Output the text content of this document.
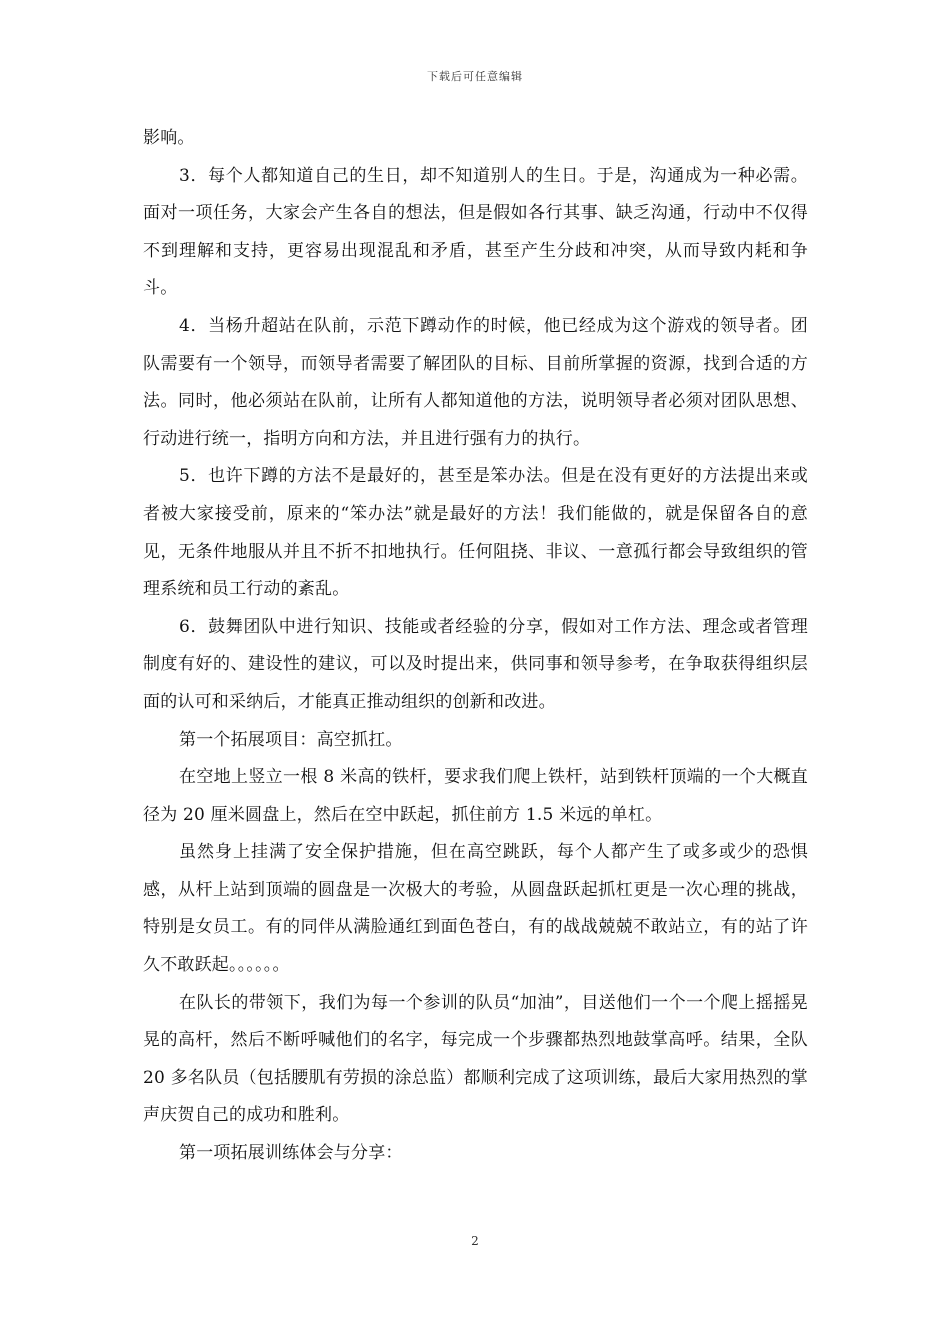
下载后可任意编辑

影响。

3．每个人都知道自己的生日，却不知道别人的生日。于是，沟通成为一种必需。面对一项任务，大家会产生各自的想法，但是假如各行其事、缺乏沟通，行动中不仅得不到理解和支持，更容易出现混乱和矛盾，甚至产生分歧和冲突，从而导致内耗和争斗。

4．当杨升超站在队前，示范下蹲动作的时候，他已经成为这个游戏的领导者。团队需要有一个领导，而领导者需要了解团队的目标、目前所掌握的资源，找到合适的方法。同时，他必须站在队前，让所有人都知道他的方法，说明领导者必须对团队思想、行动进行统一，指明方向和方法，并且进行强有力的执行。

5．也许下蹲的方法不是最好的，甚至是笨办法。但是在没有更好的方法提出来或者被大家接受前，原来的“笨办法”就是最好的方法！我们能做的，就是保留各自的意见，无条件地服从并且不折不扣地执行。任何阻挠、非议、一意孤行都会导致组织的管理系统和员工行动的紊乱。

6．鼓舞团队中进行知识、技能或者经验的分享，假如对工作方法、理念或者管理制度有好的、建设性的建议，可以及时提出来，供同事和领导参考，在争取获得组织层面的认可和采纳后，才能真正推动组织的创新和改进。

第一个拓展项目：高空抓扛。

在空地上竖立一根 8 米高的铁杆，要求我们爬上铁杆，站到铁杆顶端的一个大概直径为 20 厘米圆盘上，然后在空中跃起，抓住前方 1.5 米远的单杠。

虽然身上挂满了安全保护措施，但在高空跳跃，每个人都产生了或多或少的恐惧感，从杆上站到顶端的圆盘是一次极大的考验，从圆盘跃起抓杠更是一次心理的挑战，特别是女员工。有的同伴从满脸通红到面色苍白，有的战战兢兢不敢站立，有的站了许久不敢跃起。。。。。。

在队长的带领下，我们为每一个参训的队员“加油”，目送他们一个一个爬上摇摇晃晃的高杆，然后不断呼喊他们的名字，每完成一个步骤都热烈地鼓掌高呼。结果，全队 20 多名队员（包括腰肌有劳损的涂总监）都顺利完成了这项训练，最后大家用热烈的掌声庆贺自己的成功和胜利。

第一项拓展训练体会与分享：

2
